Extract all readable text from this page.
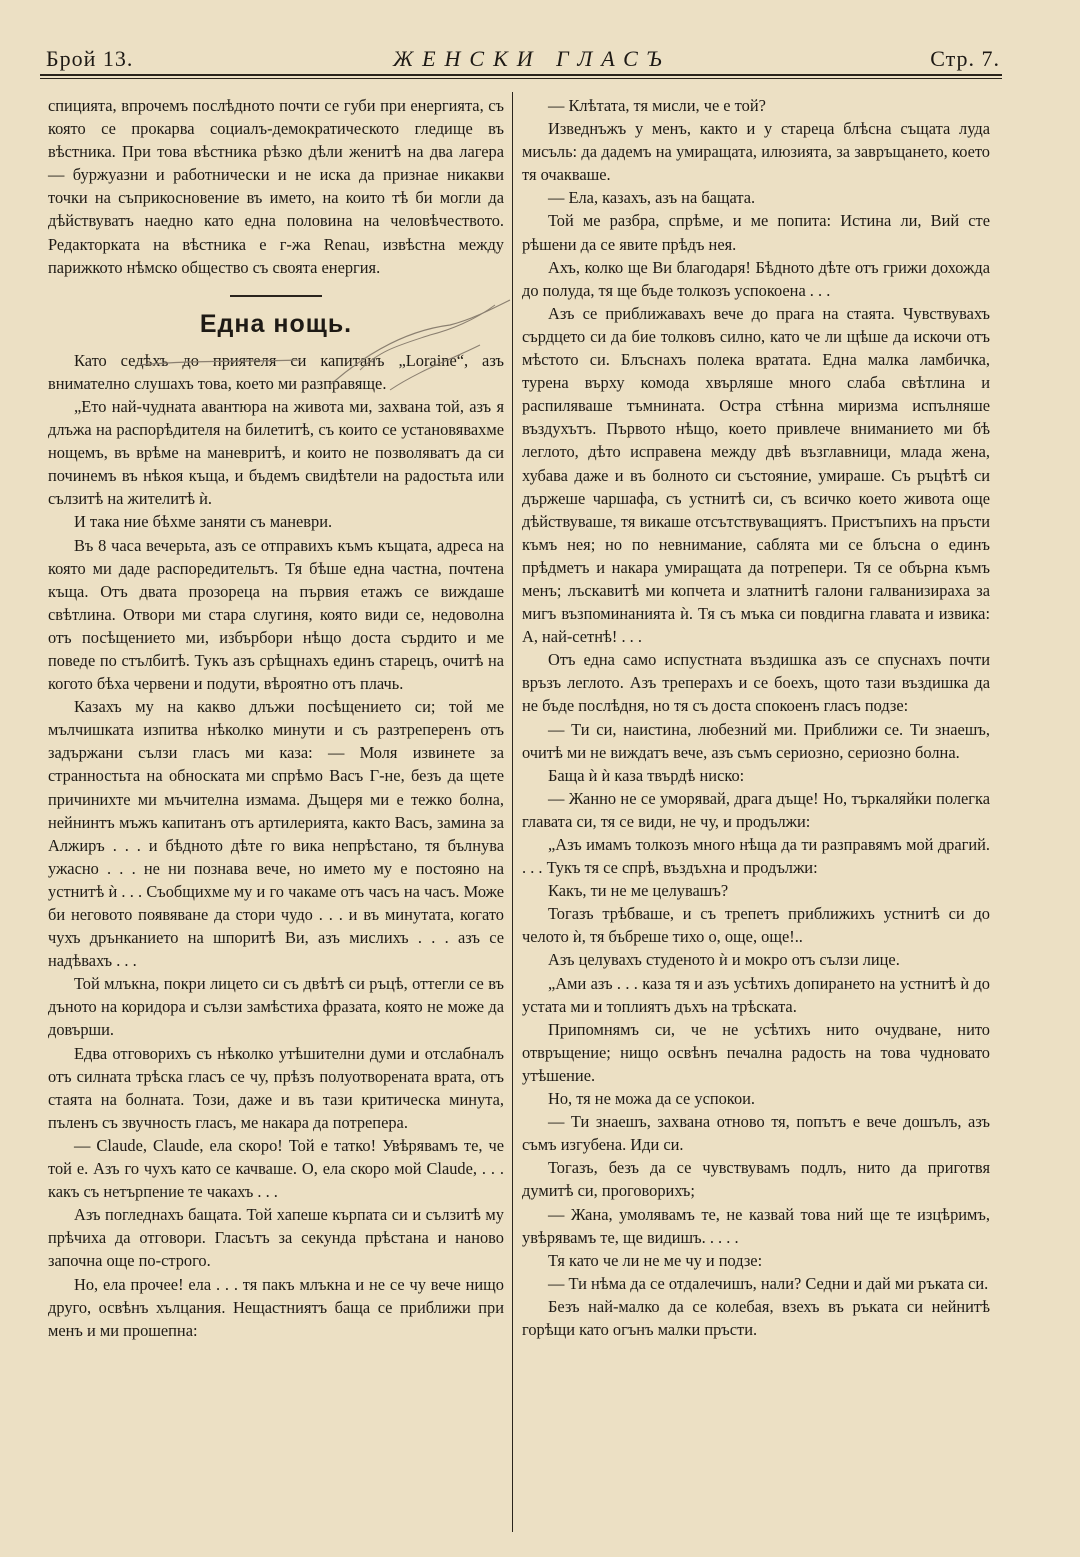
Брой 13.	ЖЕНСКИ ГЛАСЪ	Стр. 7.

спицията, впрочемъ послѣдното почти се губи при енергията, съ която се прокарва социалъ-демократическото гледище въ вѣстника. При това вѣстника рѣзко дѣли женитѣ на два лагера — буржуазни и работнически и не иска да признае никакви точки на съприкосновение въ името, на които тѣ би могли да дѣйствуватъ наедно като една половина на человѣчеството. Редакторката на вѣстника е г-жа Renau, извѣстна между парижкото нѣмско общество съ своята енергия.

Една нощь.

Като седѣхъ до приятеля си капитанъ „Loraine“, азъ внимателно слушахъ това, което ми разправяще.

„Ето най-чудната авантюра на живота ми, захвана той, азъ я длъжа на распорѣдителя на билетитѣ, съ които се установявахме нощемъ, въ врѣме на маневритѣ, и които не позволяватъ да си починемъ въ нѣкоя къща, и бъдемъ свидѣтели на радостьта или сълзитѣ на жителитѣ ѝ.

И така ние бѣхме заняти съ маневри.

Въ 8 часа вечерьта, азъ се отправихъ къмъ къщата, адреса на която ми даде распоредительтъ. Тя бѣше една частна, почтена къща. Отъ двата прозореца на първия етажъ се виждаше свѣтлина. Отвори ми стара слугиня, която види се, недоволна отъ посѣщението ми, избърбори нѣщо доста сърдито и ме поведе по стълбитѣ. Тукъ азъ срѣщнахъ единъ старецъ, очитѣ на когото бѣха червени и подути, вѣроятно отъ плачь.

Казахъ му на какво длъжи посѣщението си; той ме мълчишката изпитва нѣколко минути и съ разтреперенъ отъ задържани сълзи гласъ ми каза: — Моля извинете за странностьта на обноската ми спрѣмо Васъ Г-не, безъ да щете причинихте ми мъчителна измама. Дъщеря ми е тежко болна, нейнинтъ мъжъ капитанъ отъ артилерията, както Васъ, замина за Алжиръ . . . и бѣдното дѣте го вика непрѣстано, тя бълнува ужасно . . . не ни познава вече, но името му е постояно на устнитѣ ѝ . . . Съобщихме му и го чакаме отъ часъ на часъ. Може би неговото появяване да стори чудо . . . и въ минутата, когато чухъ дрънканието на шпоритѣ Ви, азъ мислихъ . . . азъ се надѣвахъ . . .

Той млъкна, покри лицето си съ двѣтѣ си ръцѣ, оттегли се въ дъното на коридора и сълзи замѣстиха фразата, която не може да довърши.

Едва отговорихъ съ нѣколко утѣшителни думи и отслабналъ отъ силната трѣска гласъ се чу, прѣзъ полуотворената врата, отъ стаята на болната. Този, даже и въ тази критическа минута, пъленъ съ звучность гласъ, ме накара да потрепера.

— Claude, Claude, ела скоро! Той е татко! Увѣрявамъ те, че той е. Азъ го чухъ като се качваше. О, ела скоро мой Claude, . . . какъ съ нетърпение те чакахъ . . .

Азъ погледнахъ бащата. Той хапеше кърпата си и сълзитѣ му прѣчиха да отговори. Гласътъ за секунда прѣстана и наново започна още по-строго.

Но, ела прочее! ела . . . тя пакъ млъкна и не се чу вече нищо друго, освѣнъ хълцания. Нещастниятъ баща се приближи при менъ и ми прошепна:

— Клѣтата, тя мисли, че е той?

Изведнъжъ у менъ, както и у стареца блѣсна същата луда мисъль: да дадемъ на умиращата, илюзията, за завръщането, което тя очакваше.

— Ела, казахъ, азъ на бащата.

Той ме разбра, спрѣме, и ме попита: Истина ли, Вий сте рѣшени да се явите прѣдъ нея.

Ахъ, колко ще Ви благодаря! Бѣдното дѣте отъ грижи дохожда до полуда, тя ще бъде толкозъ успокоена . . .

Азъ се приближавахъ вече до прага на стаята. Чувствувахъ сърдцето си да бие толковъ силно, като че ли щѣше да искочи отъ мѣстото си. Блъснахъ полека вратата. Една малка ламбичка, турена върху комода хвърляше много слаба свѣтлина и распиляваше тъмнината. Остра стѣнна миризма испълняше въздухътъ. Първото нѣщо, което привлече вниманието ми бѣ леглото, дѣто исправена между двѣ възглавници, млада жена, хубава даже и въ болното си състояние, умираше. Съ ръцѣтѣ си държеше чаршафа, съ устнитѣ си, съ всичко което живота още дѣйствуваше, тя викаше отсътствуващиятъ. Пристъпихъ на пръсти къмъ нея; но по невнимание, саблята ми се блъсна о единъ прѣдметъ и накара умиращата да потрепери. Тя се обърна къмъ менъ; лъскавитѣ ми копчета и златнитѣ галони галванизираха за мигъ възпоминанията ѝ. Тя съ мъка си повдигна главата и извика: А, най-сетнѣ! . . .

Отъ една само испустната въздишка азъ се спуснахъ почти връзъ леглото. Азъ треперахъ и се боехъ, щото тази въздишка да не бъде послѣдня, но тя съ доста спокоенъ гласъ подзе:

— Ти си, наистина, любезний ми. Приближи се. Ти знаешъ, очитѣ ми не виждатъ вече, азъ съмъ сериозно, сериозно болна.

Баща ѝ ѝ каза твърдѣ ниско:

— Жанно не се уморявай, драга дъще! Но, търкаляйки полегка главата си, тя се види, не чу, и продължи:

„Азъ имамъ толкозъ много нѣща да ти разправямъ мой драгий. . . . Тукъ тя се спрѣ, въздъхна и продължи:

Какъ, ти не ме целувашъ?

Тогазъ трѣбваше, и съ трепетъ приближихъ устнитѣ си до челото ѝ, тя бъбреше тихо о, още, още!..

Азъ целувахъ студеното ѝ и мокро отъ сълзи лице.

„Ами азъ . . . каза тя и азъ усѣтихъ допирането на устнитѣ ѝ до устата ми и топлиятъ дъхъ на трѣската.

Припомнямъ си, че не усѣтихъ нито очудване, нито отвръщение; нищо освѣнъ печална радость на това чудновато утѣшение.

Но, тя не можа да се успокои.

— Ти знаешъ, захвана отново тя, попътъ е вече дошълъ, азъ съмъ изгубена. Иди си.

Тогазъ, безъ да се чувствувамъ подлъ, нито да приготвя думитѣ си, проговорихъ;

— Жана, умолявамъ те, не казвай това ний ще те изцѣримъ, увѣрявамъ те, ще видишъ. . . . .

Тя като че ли не ме чу и подзе:

— Ти нѣма да се отдалечишъ, нали? Седни и дай ми ръката си.

Безъ най-малко да се колебая, взехъ въ ръката си нейнитѣ горѣщи като огънъ малки пръсти.
